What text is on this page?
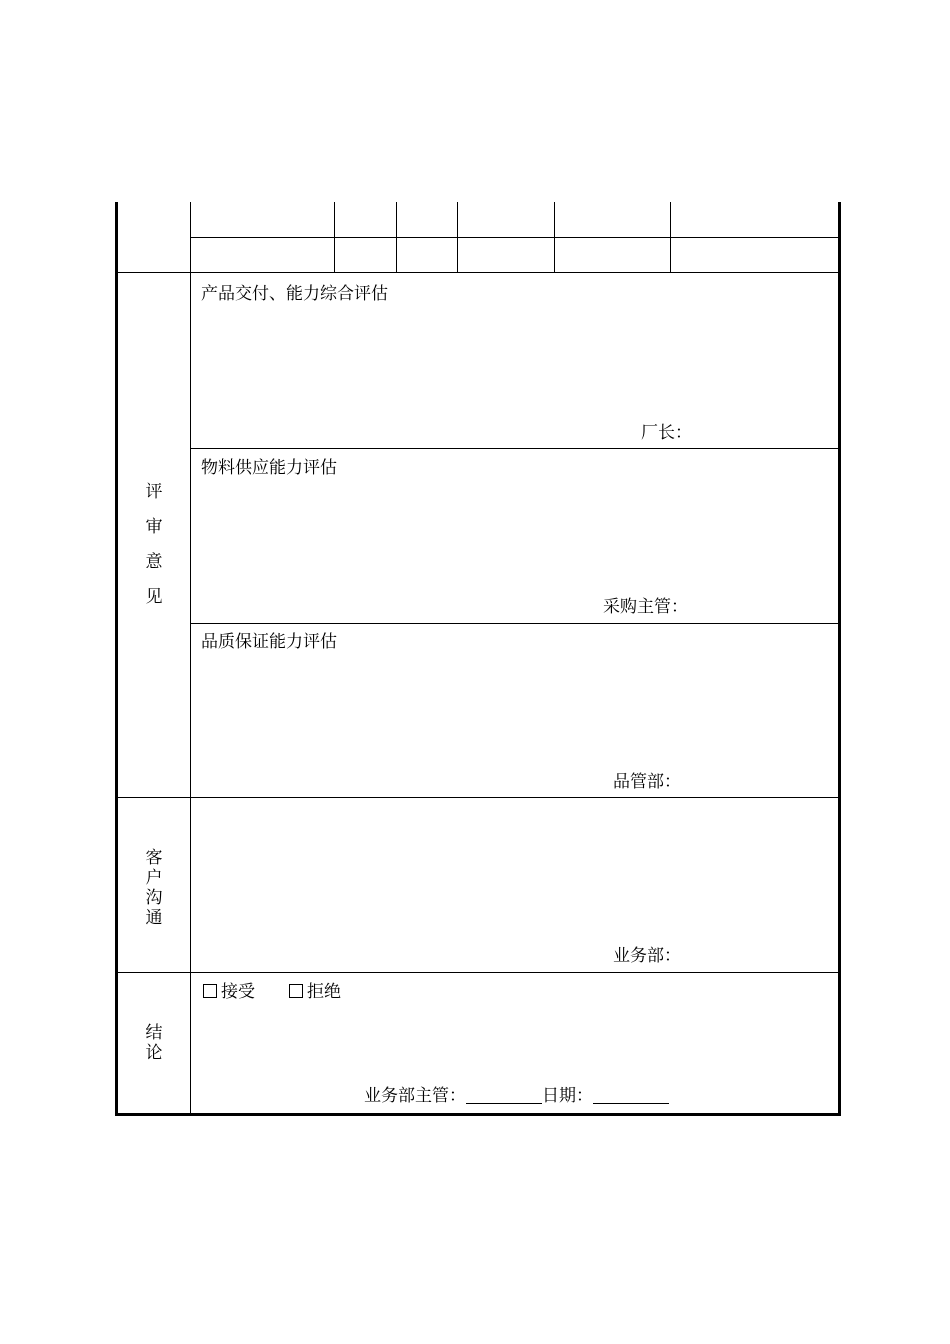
评
审
意
见
产品交付、能力综合评估
厂长：
物料供应能力评估
采购主管：
品质保证能力评估
品管部：
客
户
沟
通
业务部：
结
论
接受	拒绝
业务部主管：	日期：
